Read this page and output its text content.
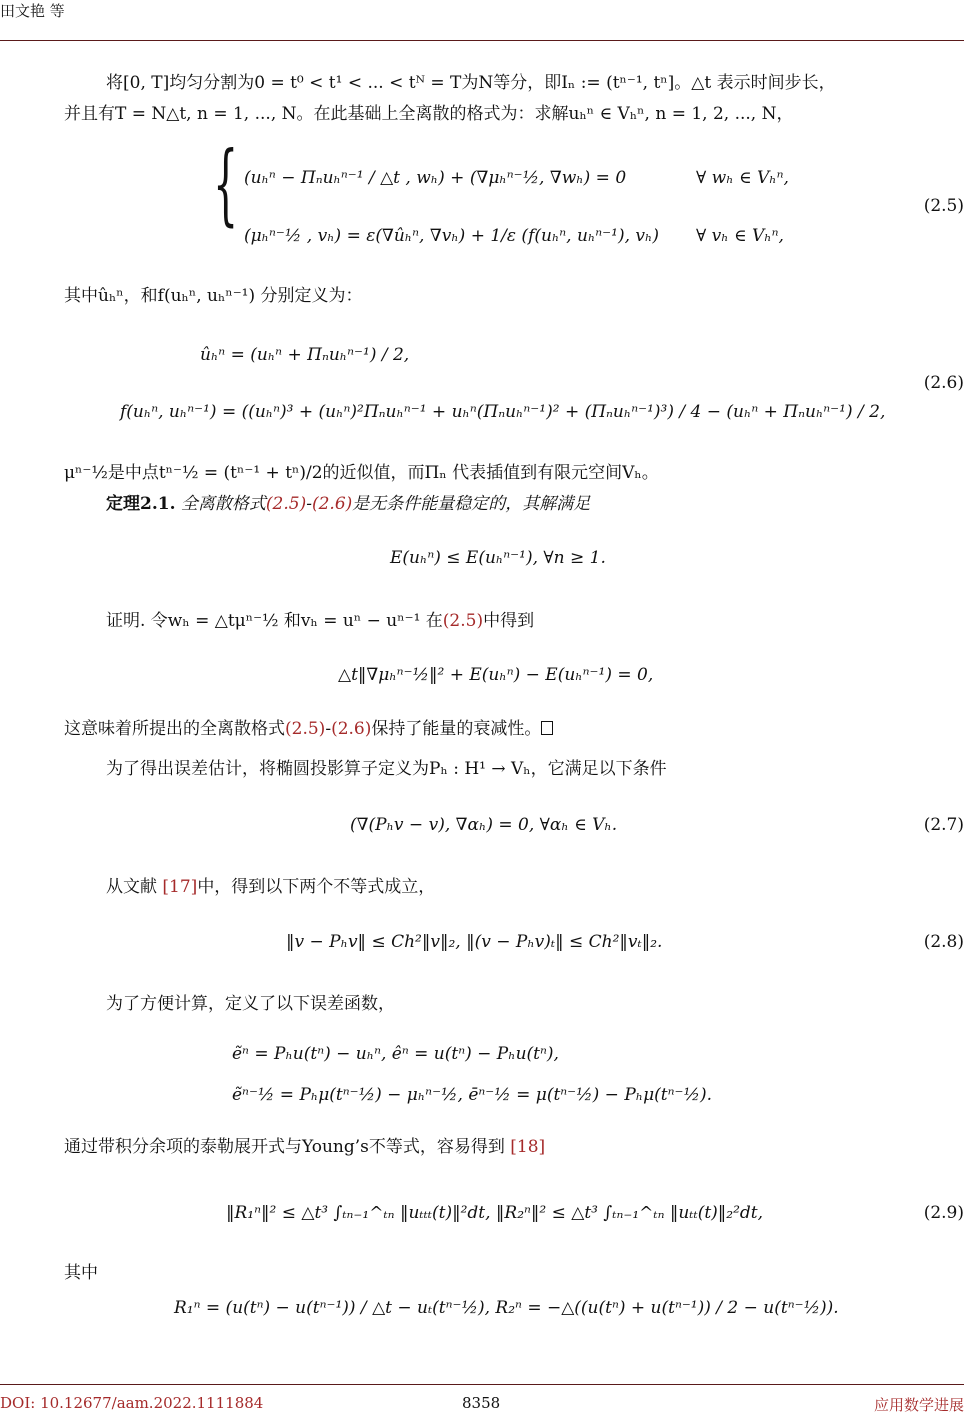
田文艳 等
将[0, T]均匀分割为0 = t⁰ < t¹ < ... < tᴺ = T为N等分，即Iₙ := (tⁿ⁻¹, tⁿ]。△t 表示时间步长，
并且有T = N△t, n = 1, ..., N。在此基础上全离散的格式为：求解uₕⁿ ∈ Vₕⁿ, n = 1, 2, ..., N，
{ (uₕⁿ − Πₙuₕⁿ⁻¹ / △t , wₕ) + (∇μₕⁿ⁻½, ∇wₕ) = 0	∀ wₕ ∈ Vₕⁿ,
(μₕⁿ⁻½ , vₕ) = ε(∇ûₕⁿ, ∇vₕ) + 1/ε (f(uₕⁿ, uₕⁿ⁻¹), vₕ) ∀ vₕ ∈ Vₕⁿ,
(2.5)
其中ûₕⁿ，和f(uₕⁿ, uₕⁿ⁻¹) 分别定义为：
ûₕⁿ = (uₕⁿ + Πₙuₕⁿ⁻¹) / 2,
f(uₕⁿ, uₕⁿ⁻¹) = ((uₕⁿ)³ + (uₕⁿ)²Πₙuₕⁿ⁻¹ + uₕⁿ(Πₙuₕⁿ⁻¹)² + (Πₙuₕⁿ⁻¹)³) / 4 − (uₕⁿ + Πₙuₕⁿ⁻¹) / 2,
(2.6)
μⁿ⁻½是中点tⁿ⁻½ = (tⁿ⁻¹ + tⁿ)/2的近似值，而Πₙ 代表插值到有限元空间Vₕ。
定理2.1. 全离散格式(2.5)-(2.6)是无条件能量稳定的，其解满足
E(uₕⁿ) ≤ E(uₕⁿ⁻¹), ∀n ≥ 1.
证明. 令wₕ = △tμⁿ⁻½ 和vₕ = uⁿ − uⁿ⁻¹ 在(2.5)中得到
△t‖∇μₕⁿ⁻½‖² + E(uₕⁿ) − E(uₕⁿ⁻¹) = 0,
这意味着所提出的全离散格式(2.5)-(2.6)保持了能量的衰减性。
为了得出误差估计，将椭圆投影算子定义为Pₕ : H¹ → Vₕ，它满足以下条件
(∇(Pₕv − v), ∇αₕ) = 0, ∀αₕ ∈ Vₕ.	(2.7)
从文献 [17]中，得到以下两个不等式成立，
‖v − Pₕv‖ ≤ Ch²‖v‖₂, ‖(v − Pₕv)ₜ‖ ≤ Ch²‖vₜ‖₂.	(2.8)
为了方便计算，定义了以下误差函数，
ẽⁿ = Pₕu(tⁿ) − uₕⁿ, êⁿ = u(tⁿ) − Pₕu(tⁿ),
ẽⁿ⁻½ = Pₕμ(tⁿ⁻½) − μₕⁿ⁻½, ēⁿ⁻½ = μ(tⁿ⁻½) − Pₕμ(tⁿ⁻½).
通过带积分余项的泰勒展开式与Young’s不等式，容易得到 [18]
‖R₁ⁿ‖² ≤ △t³ ∫ₜₙ₋₁^ₜₙ ‖uₜₜₜ(t)‖²dt, ‖R₂ⁿ‖² ≤ △t³ ∫ₜₙ₋₁^ₜₙ ‖uₜₜ(t)‖₂²dt,	(2.9)
其中
R₁ⁿ = (u(tⁿ) − u(tⁿ⁻¹)) / △t − uₜ(tⁿ⁻½), R₂ⁿ = −△((u(tⁿ) + u(tⁿ⁻¹)) / 2 − u(tⁿ⁻½)).
DOI: 10.12677/aam.2022.1111884	8358	应用数学进展
